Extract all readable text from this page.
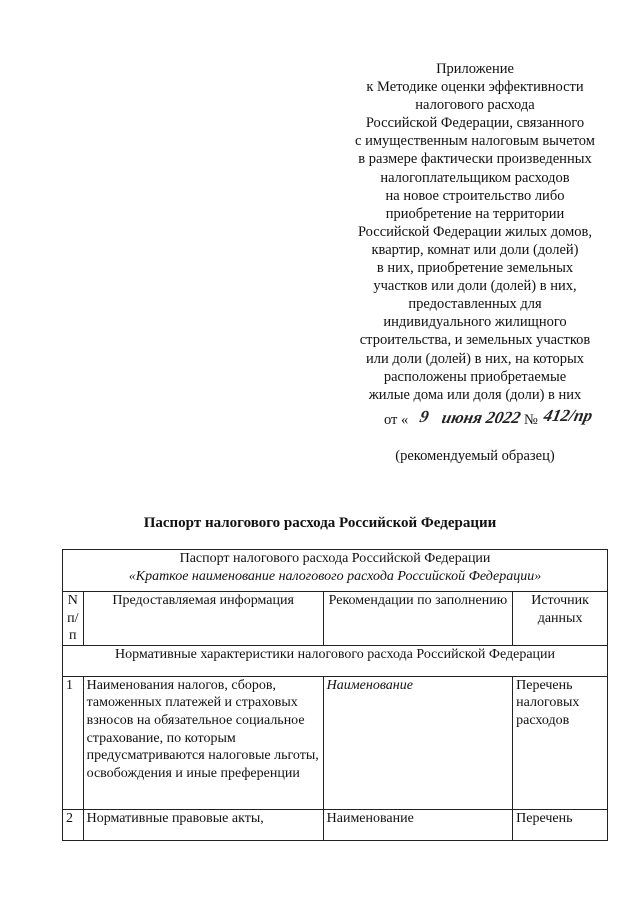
Приложение
к Методике оценки эффективности
налогового расхода
Российской Федерации, связанного
с имущественным налоговым вычетом
в размере фактически произведенных
налогоплательщиком расходов
на новое строительство либо
приобретение на территории
Российской Федерации жилых домов,
квартир, комнат или доли (долей)
в них, приобретение земельных
участков или доли (долей) в них,
предоставленных для
индивидуального жилищного
строительства, и земельных участков
или доли (долей) в них, на которых
расположены приобретаемые
жилые дома или доля (доли) в них
от « 9 июня 2022 № 412/пр
(рекомендуемый образец)
Паспорт налогового расхода Российской Федерации
Паспорт налогового расхода Российской Федерации
«Краткое наименование налогового расхода Российской Федерации»			

N п/п	Предоставляемая информация	Рекомендации по заполнению	Источник данных
Нормативные характеристики налогового расхода Российской Федерации			
1	Наименования налогов, сборов, таможенных платежей и страховых взносов на обязательное социальное страхование, по которым предусматриваются налоговые льготы, освобождения и иные преференции	Наименование	Перечень налоговых расходов
2	Нормативные правовые акты,	Наименование	Перечень
